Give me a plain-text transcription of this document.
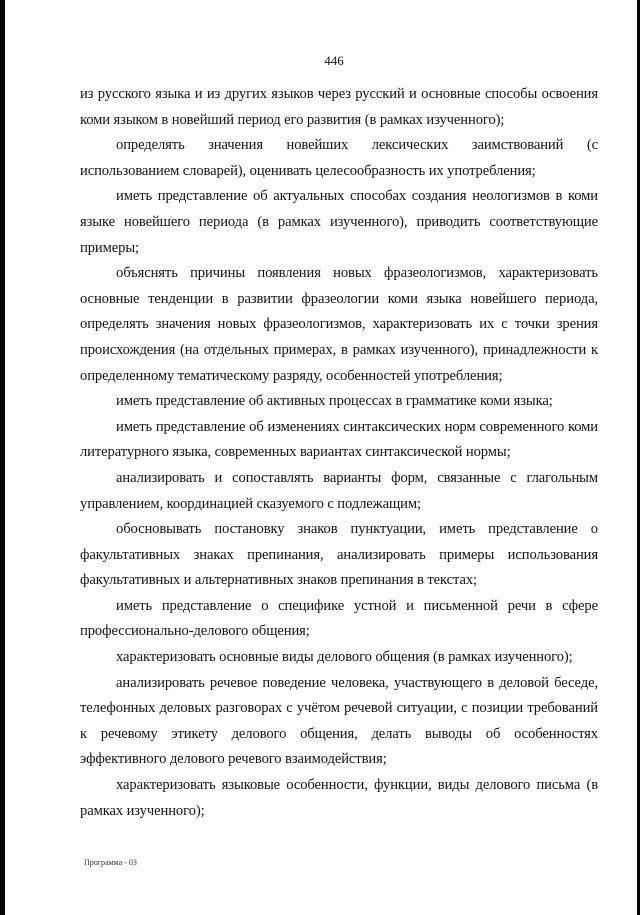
446

из русского языка и из других языков через русский и основные способы освоения коми языком в новейший период его развития (в рамках изученного);

определять значения новейших лексических заимствований (с использованием словарей), оценивать целесообразность их употребления;

иметь представление об актуальных способах создания неологизмов в коми языке новейшего периода (в рамках изученного), приводить соответствующие примеры;

объяснять причины появления новых фразеологизмов, характеризовать основные тенденции в развитии фразеологии коми языка новейшего периода, определять значения новых фразеологизмов, характеризовать их с точки зрения происхождения (на отдельных примерах, в рамках изученного), принадлежности к определенному тематическому разряду, особенностей употребления;

иметь представление об активных процессах в грамматике коми языка;

иметь представление об изменениях синтаксических норм современного коми литературного языка, современных вариантах синтаксической нормы;

анализировать и сопоставлять варианты форм, связанные с глагольным управлением, координацией сказуемого с подлежащим;

обосновывать постановку знаков пунктуации, иметь представление о факультативных знаках препинания, анализировать примеры использования факультативных и альтернативных знаков препинания в текстах;

иметь представление о специфике устной и письменной речи в сфере профессионально-делового общения;

характеризовать основные виды делового общения (в рамках изученного);

анализировать речевое поведение человека, участвующего в деловой беседе, телефонных деловых разговорах с учётом речевой ситуации, с позиции требований к речевому этикету делового общения, делать выводы об особенностях эффективного делового речевого взаимодействия;

характеризовать языковые особенности, функции, виды делового письма (в рамках изученного);

Программа - 03
